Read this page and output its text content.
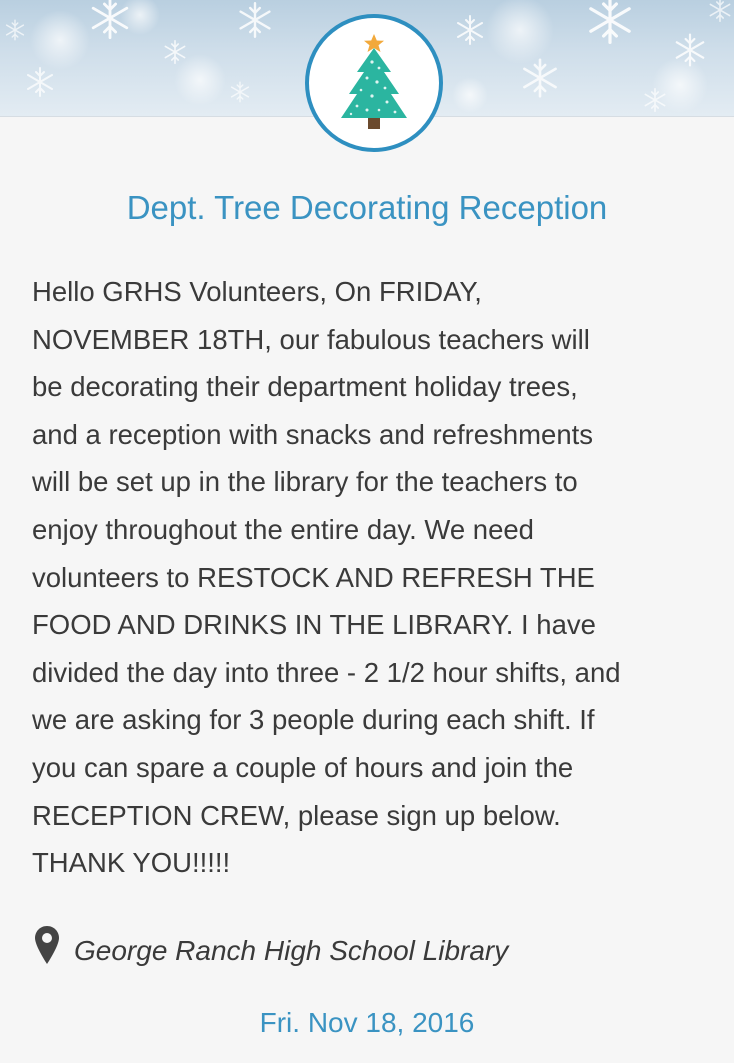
Dept. Tree Decorating Reception
Hello GRHS Volunteers, On FRIDAY,
NOVEMBER 18TH, our fabulous teachers will
be decorating their department holiday trees,
and a reception with snacks and refreshments
will be set up in the library for the teachers to
enjoy throughout the entire day. We need
volunteers to RESTOCK AND REFRESH THE
FOOD AND DRINKS IN THE LIBRARY. I have
divided the day into three - 2 1/2 hour shifts, and
we are asking for 3 people during each shift. If
you can spare a couple of hours and join the
RECEPTION CREW, please sign up below.
THANK YOU!!!!!
George Ranch High School Library
Fri. Nov 18, 2016
